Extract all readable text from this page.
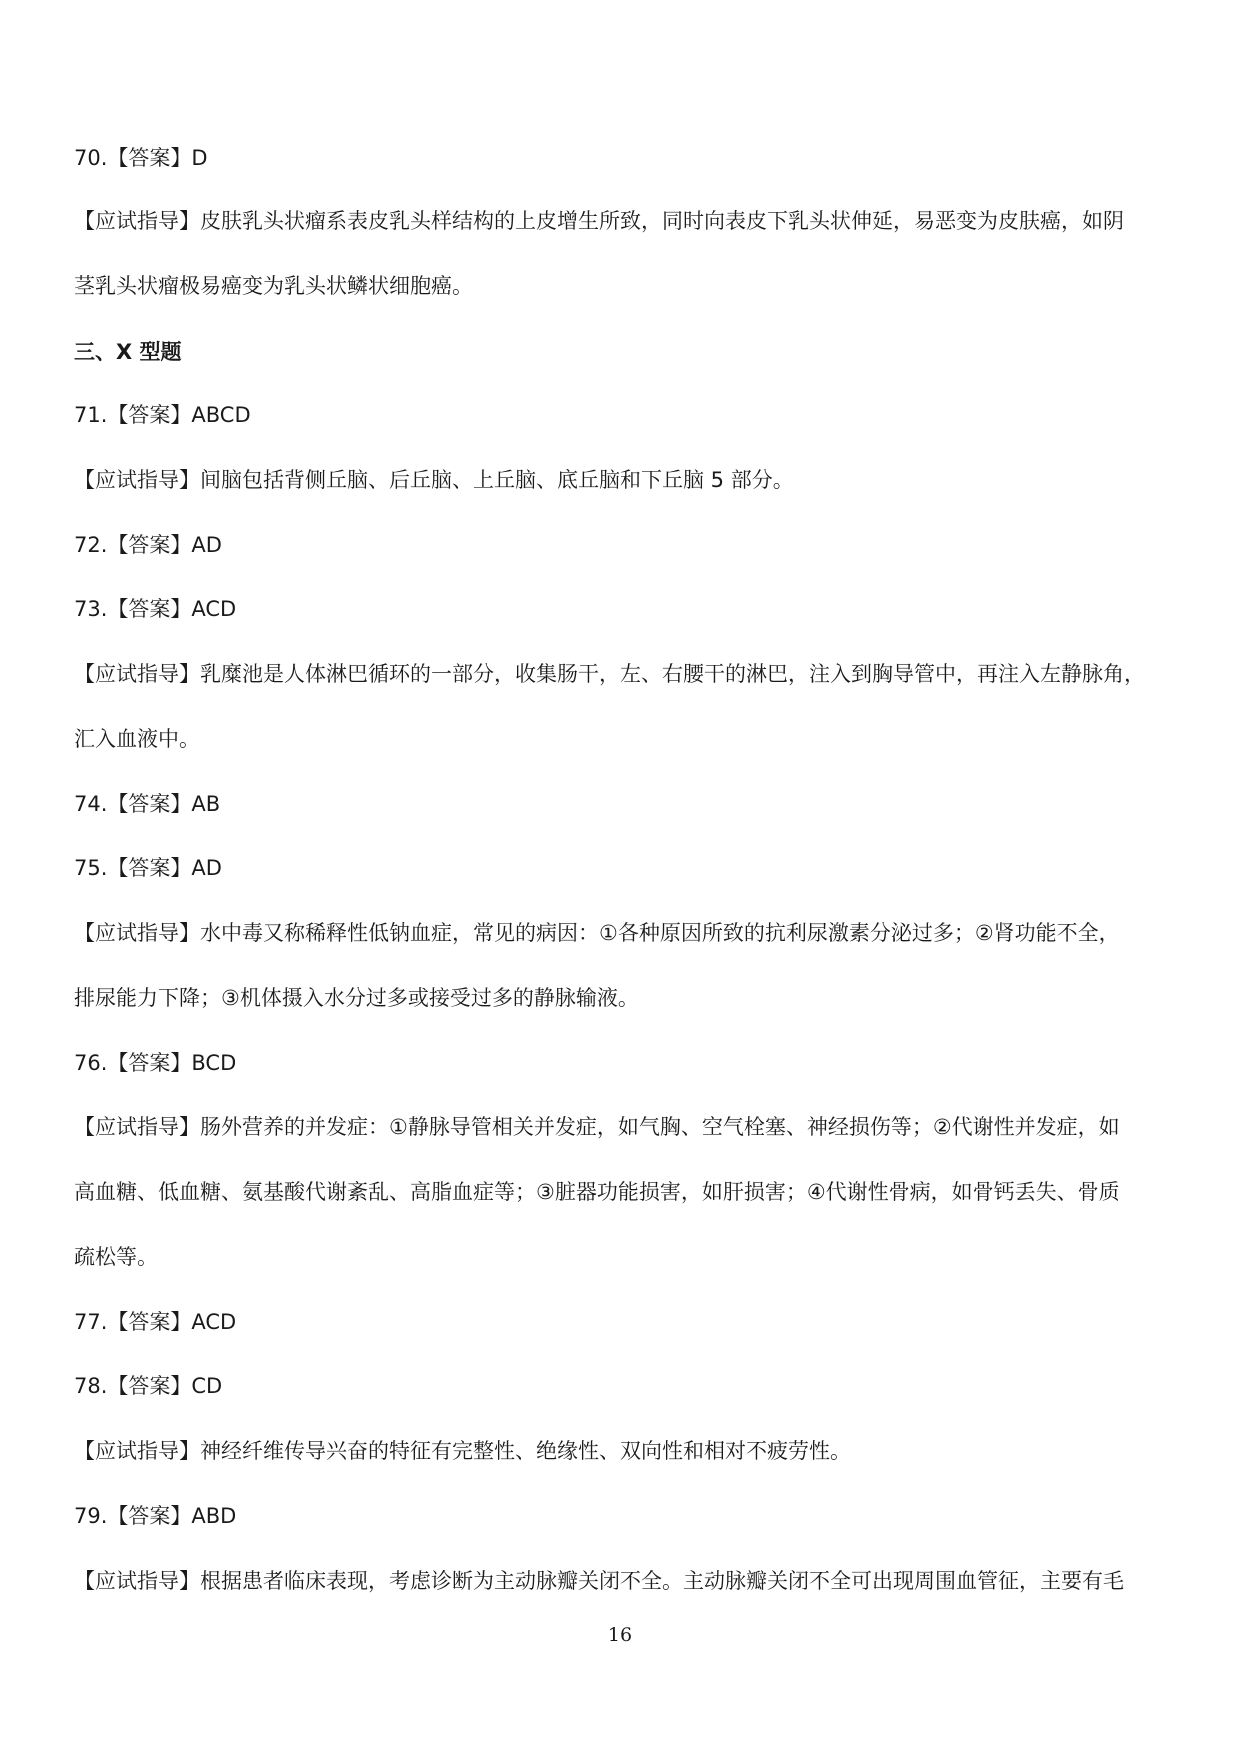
70.【答案】D
【应试指导】皮肤乳头状瘤系表皮乳头样结构的上皮增生所致，同时向表皮下乳头状伸延，易恶变为皮肤癌，如阴
茎乳头状瘤极易癌变为乳头状鳞状细胞癌。
三、X 型题
71.【答案】ABCD
【应试指导】间脑包括背侧丘脑、后丘脑、上丘脑、底丘脑和下丘脑 5 部分。
72.【答案】AD
73.【答案】ACD
【应试指导】乳糜池是人体淋巴循环的一部分，收集肠干，左、右腰干的淋巴，注入到胸导管中，再注入左静脉角，
汇入血液中。
74.【答案】AB
75.【答案】AD
【应试指导】水中毒又称稀释性低钠血症，常见的病因：①各种原因所致的抗利尿激素分泌过多；②肾功能不全，
排尿能力下降；③机体摄入水分过多或接受过多的静脉输液。
76.【答案】BCD
【应试指导】肠外营养的并发症：①静脉导管相关并发症，如气胸、空气栓塞、神经损伤等；②代谢性并发症，如
高血糖、低血糖、氨基酸代谢紊乱、高脂血症等；③脏器功能损害，如肝损害；④代谢性骨病，如骨钙丢失、骨质
疏松等。
77.【答案】ACD
78.【答案】CD
【应试指导】神经纤维传导兴奋的特征有完整性、绝缘性、双向性和相对不疲劳性。
79.【答案】ABD
【应试指导】根据患者临床表现，考虑诊断为主动脉瓣关闭不全。主动脉瓣关闭不全可出现周围血管征，主要有毛
16
